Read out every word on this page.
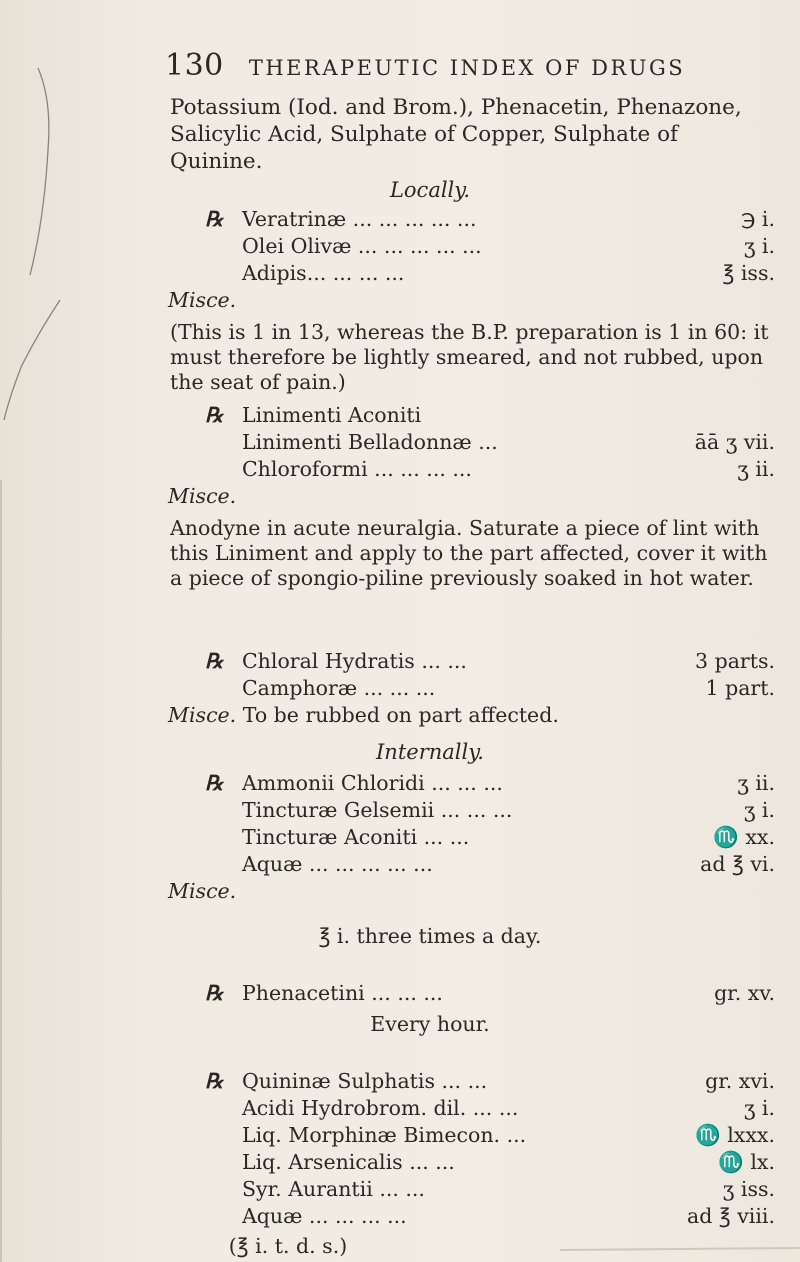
130 THERAPEUTIC INDEX OF DRUGS
Potassium (Iod. and Brom.), Phenacetin, Phenazone, Salicylic Acid, Sulphate of Copper, Sulphate of Quinine.
Locally.
℞ Veratrinæ ... ... ... ... ...	℈ i.
Olei Olivæ ... ... ... ... ...	ʒ i.
Adipis... ... ... ...	℥ iss.
Misce.
(This is 1 in 13, whereas the B.P. preparation is 1 in 60: it must therefore be lightly smeared, and not rubbed, upon the seat of pain.)
℞ Linimenti Aconiti
Linimenti Belladonnæ ...	āā ʒ vii.
Chloroformi ... ... ... ...	ʒ ii.
Misce.
Anodyne in acute neuralgia. Saturate a piece of lint with this Liniment and apply to the part affected, cover it with a piece of spongio-piline previously soaked in hot water.
℞ Chloral Hydratis ... ...	3 parts.
Camphoræ ... ... ...	1 part.
Misce. To be rubbed on part affected.
Internally.
℞ Ammonii Chloridi ... ... ...	ʒ ii.
Tincturæ Gelsemii ... ... ...	ʒ i.
Tincturæ Aconiti ... ...	♏ xx.
Aquæ ... ... ... ... ...	ad ℥ vi.
Misce.
℥ i. three times a day.
℞ Phenacetini ... ... ...	gr. xv.
Every hour.
℞ Quininæ Sulphatis ... ...	gr. xvi.
Acidi Hydrobrom. dil. ... ...	ʒ i.
Liq. Morphinæ Bimecon. ...	♏ lxxx.
Liq. Arsenicalis ... ...	♏ lx.
Syr. Aurantii ... ...	ʒ iss.
Aquæ ... ... ... ...	ad ℥ viii.
(℥ i. t. d. s.)
